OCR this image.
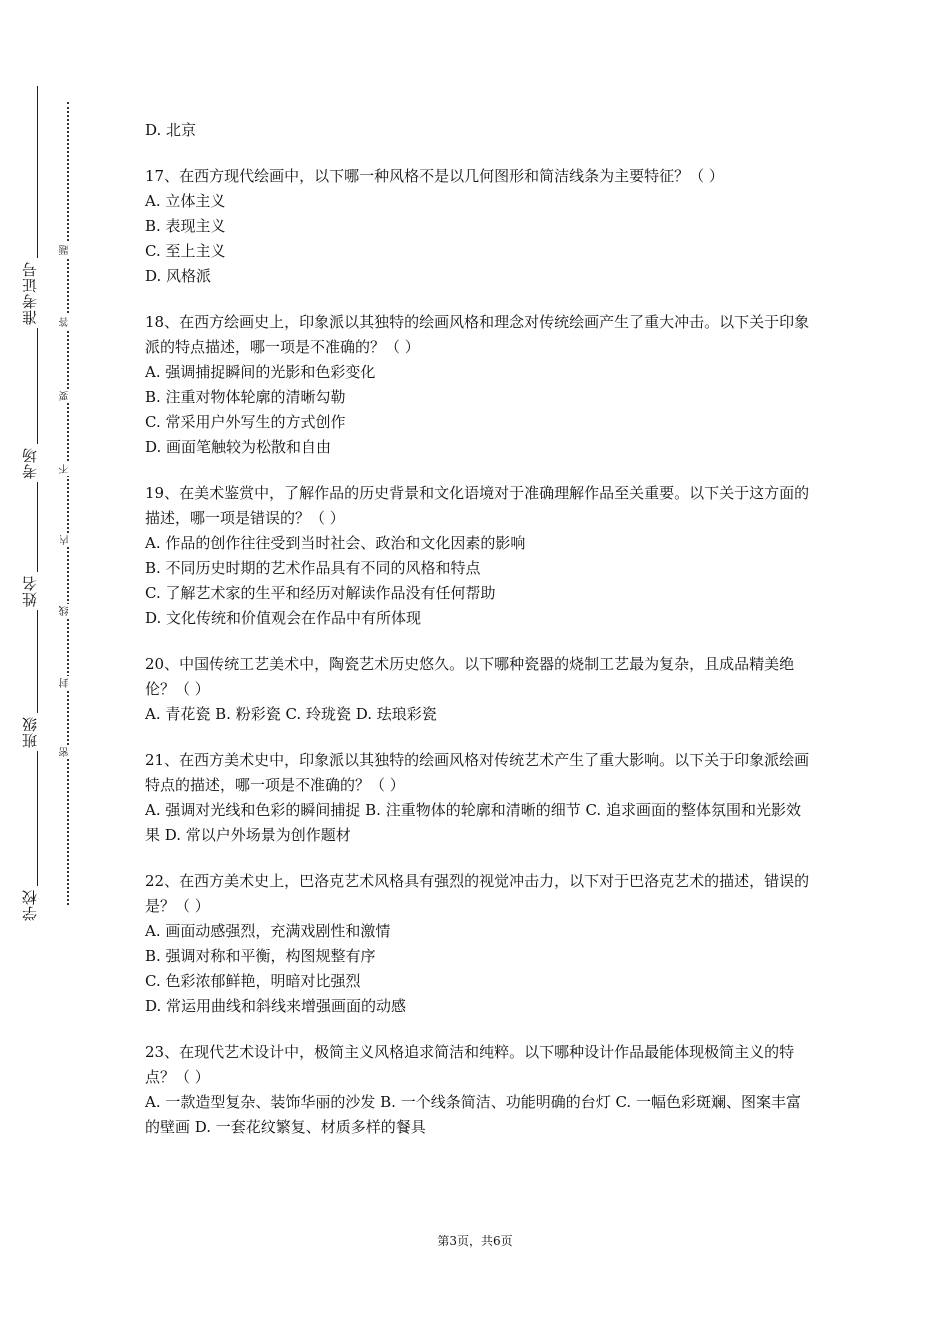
准考证号
考场
姓名
班级
学校
题
答
要
不
内
线
封
密

D. 北京

17、在西方现代绘画中，以下哪一种风格不是以几何图形和简洁线条为主要特征？（ ）

A. 立体主义

B. 表现主义

C. 至上主义

D. 风格派

18、在西方绘画史上，印象派以其独特的绘画风格和理念对传统绘画产生了重大冲击。以下关于印象派的特点描述，哪一项是不准确的？（ ）

A. 强调捕捉瞬间的光影和色彩变化

B. 注重对物体轮廓的清晰勾勒

C. 常采用户外写生的方式创作

D. 画面笔触较为松散和自由

19、在美术鉴赏中，了解作品的历史背景和文化语境对于准确理解作品至关重要。以下关于这方面的描述，哪一项是错误的？（ ）

A. 作品的创作往往受到当时社会、政治和文化因素的影响

B. 不同历史时期的艺术作品具有不同的风格和特点

C. 了解艺术家的生平和经历对解读作品没有任何帮助

D. 文化传统和价值观会在作品中有所体现

20、中国传统工艺美术中，陶瓷艺术历史悠久。以下哪种瓷器的烧制工艺最为复杂，且成品精美绝伦？（ ）

A. 青花瓷 B. 粉彩瓷 C. 玲珑瓷 D. 珐琅彩瓷

21、在西方美术史中，印象派以其独特的绘画风格对传统艺术产生了重大影响。以下关于印象派绘画特点的描述，哪一项是不准确的？（ ）

A. 强调对光线和色彩的瞬间捕捉 B. 注重物体的轮廓和清晰的细节 C. 追求画面的整体氛围和光影效果 D. 常以户外场景为创作题材

22、在西方美术史上，巴洛克艺术风格具有强烈的视觉冲击力，以下对于巴洛克艺术的描述，错误的是？（ ）

A. 画面动感强烈，充满戏剧性和激情

B. 强调对称和平衡，构图规整有序

C. 色彩浓郁鲜艳，明暗对比强烈

D. 常运用曲线和斜线来增强画面的动感

23、在现代艺术设计中，极简主义风格追求简洁和纯粹。以下哪种设计作品最能体现极简主义的特点？（ ）

A. 一款造型复杂、装饰华丽的沙发 B. 一个线条简洁、功能明确的台灯 C. 一幅色彩斑斓、图案丰富的壁画 D. 一套花纹繁复、材质多样的餐具

第3页，共6页
